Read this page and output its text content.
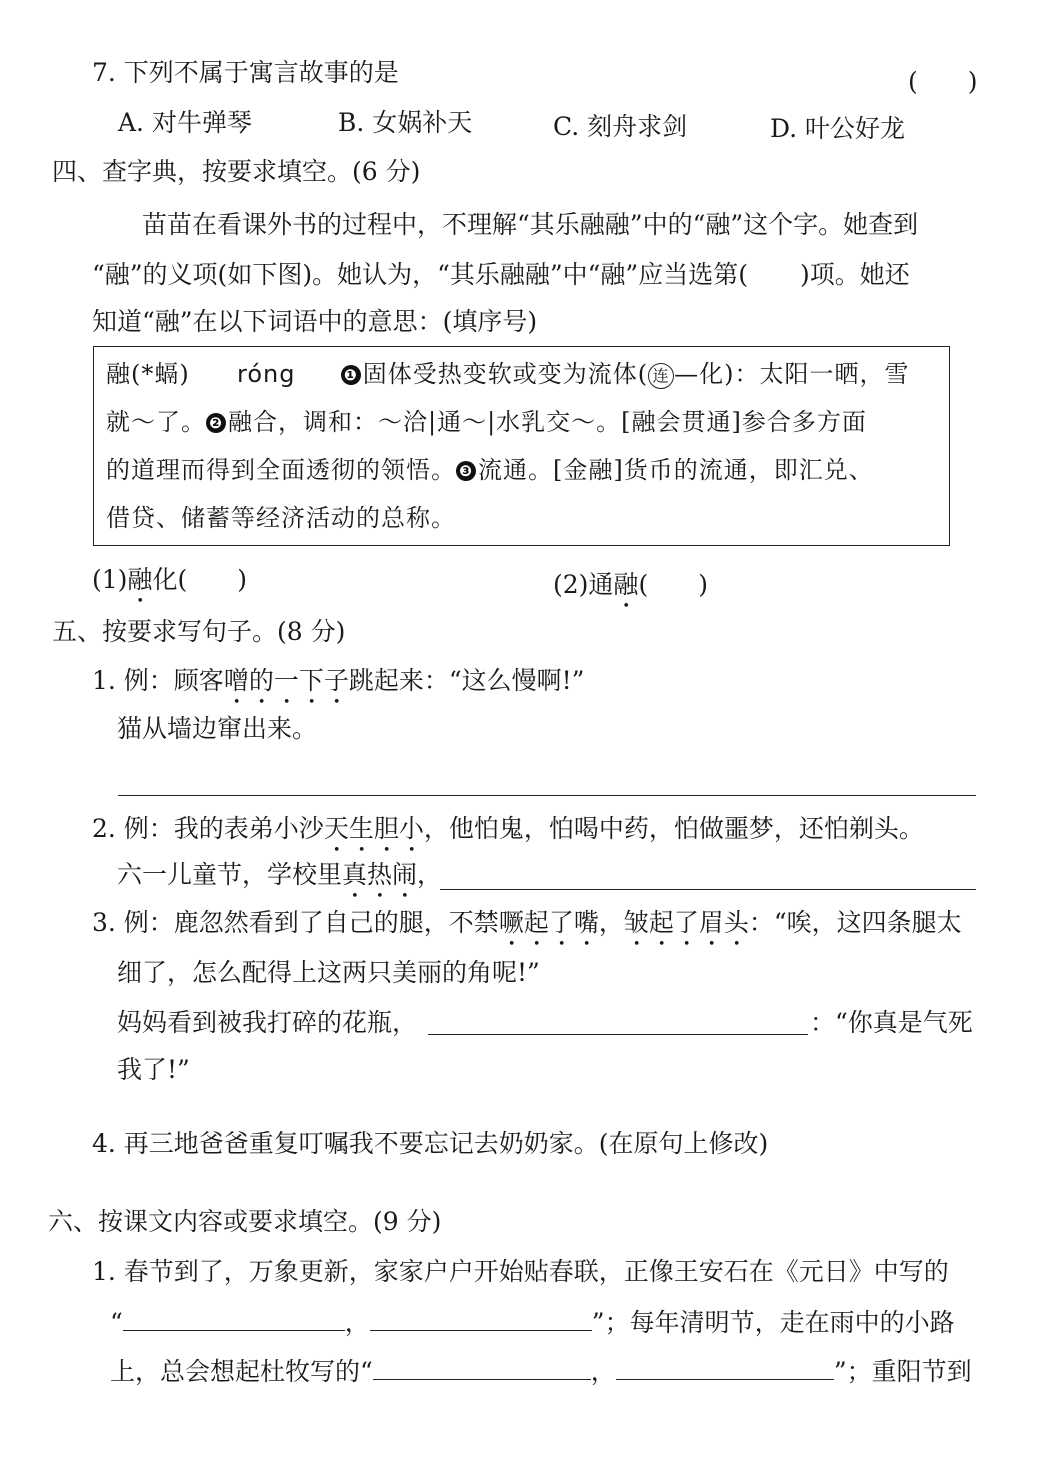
7. 下列不属于寓言故事的是	(　　)
A. 对牛弹琴	B. 女娲补天	C. 刻舟求剑	D. 叶公好龙
四、查字典，按要求填空。(6 分)
苗苗在看课外书的过程中，不理解“其乐融融”中的“融”这个字。她查到
“融”的义项(如下图)。她认为，“其乐融融”中“融”应当选第( )项。她还
知道“融”在以下词语中的意思：(填序号)
融(*螎) róng	❶ 固体受热变软或变为流体( 连 —化)：太阳一晒，雪
就～了。 ❷ 融合，调和：～洽|通～|水乳交～。[融会贯通]参合多方面
的道理而得到全面透彻的领悟。 ❸ 流通。[金融]货币的流通，即汇兑、
借贷、储蓄等经济活动的总称。
(1)融化(　　)	(2)通融(　　)
五、按要求写句子。(8 分)
1. 例：顾客噌的一下子跳起来：“这么慢啊!”
猫从墙边窜出来。
2. 例：我的表弟小沙天生胆小，他怕鬼，怕喝中药，怕做噩梦，还怕剃头。
六一儿童节，学校里真热闹，
3. 例：鹿忽然看到了自己的腿，不禁噘起了嘴，皱起了眉头：“唉，这四条腿太
细了，怎么配得上这两只美丽的角呢!”
妈妈看到被我打碎的花瓶，	：“你真是气死
我了!”
4. 再三地爸爸重复叮嘱我不要忘记去奶奶家。(在原句上修改)
六、按课文内容或要求填空。(9 分)
1. 春节到了，万象更新，家家户户开始贴春联，正像王安石在《元日》中写的
“	，	”；每年清明节，走在雨中的小路
上，总会想起杜牧写的“	，	”；重阳节到
